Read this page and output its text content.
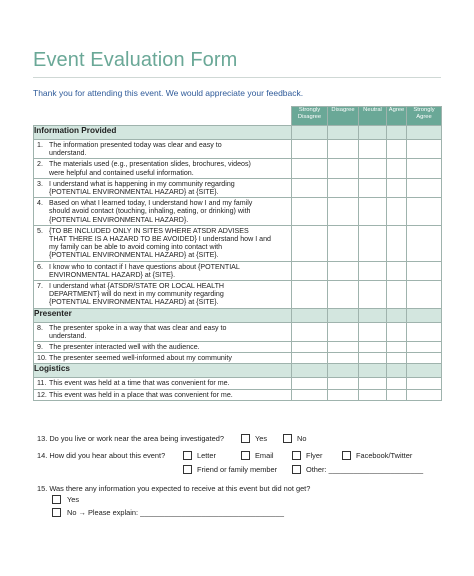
Event Evaluation Form
Thank you for attending this event. We would appreciate your feedback.
	Strongly Disagree	Disagree	Neutral	Agree	Strongly Agree
Information Provided					

1. The information presented today was clear and easy to
understand.					

2. The materials used (e.g., presentation slides, brochures, videos)
were helpful and contained useful information.					

3. I understand what is happening in my community regarding
{POTENTIAL ENVIRONMENTAL HAZARD} at {SITE}.					

4. Based on what I learned today, I understand how I and my family
should avoid contact (touching, inhaling, eating, or drinking) with
{POTENTIAL ENVIRONMENTAL HAZARD}.					

5. {TO BE INCLUDED ONLY IN SITES WHERE ATSDR ADVISES
THAT THERE IS A HAZARD TO BE AVOIDED} I understand how I and
my family can be able to avoid coming into contact with
{POTENTIAL ENVIRONMENTAL HAZARD} at {SITE}.					

6. I know who to contact if I have questions about {POTENTIAL
ENVIRONMENTAL HAZARD} at {SITE}.					

7. I understand what {ATSDR/STATE OR LOCAL HEALTH
DEPARTMENT} will do next in my community regarding
{POTENTIAL ENVIRONMENTAL HAZARD} at {SITE}.					

Presenter					

8. The presenter spoke in a way that was clear and easy to
understand.					

9. The presenter interacted well with the audience.					

10. The presenter seemed well-informed about my community					

Logistics					

11. This event was held at a time that was convenient for me.					

12. This event was held in a place that was convenient for me.					

13. Do you live or work near the area being investigated?	Yes	No
14. How did you hear about this event?	Letter	Email	Flyer	Facebook/Twitter
Friend or family member	Other: _______________________
15. Was there any information you expected to receive at this event but did not get?
Yes
No → Please explain: ___________________________________
